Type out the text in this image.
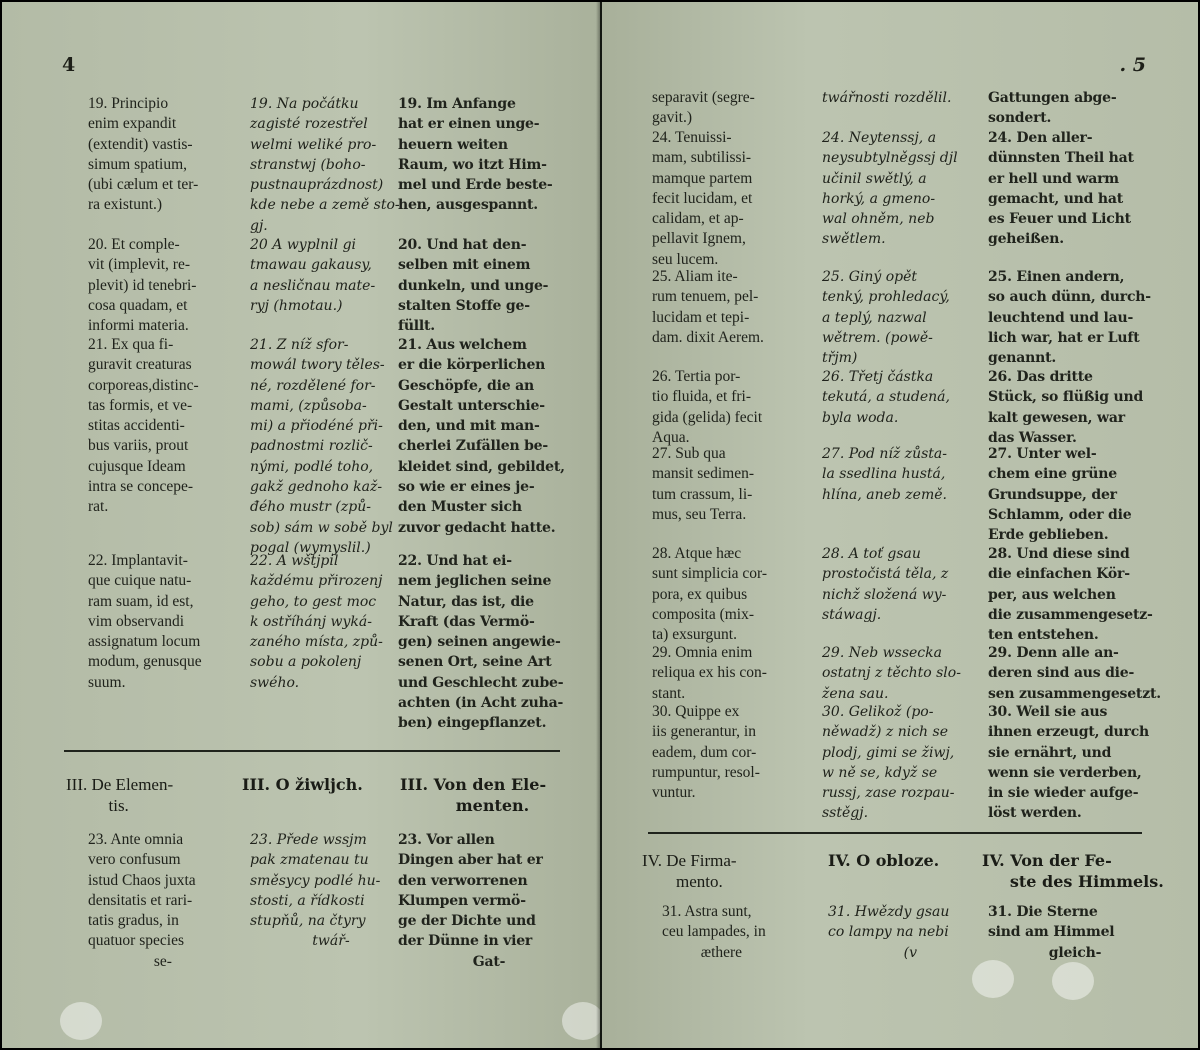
4
19. Principio
enim expandit
(extendit) vastis-
simum spatium,
(ubi cælum et ter-
ra existunt.)
19. Na počátku
zagisté rozestřel
welmi weliké pro-
stranstwj (boho-
pustnauprázdnost)
kde nebe a země sto-
gj.
19. Im Anfange
hat er einen unge-
heuern weiten
Raum, wo itzt Him-
mel und Erde beste-
hen, ausgespannt.
20. Et comple-
vit (implevit, re-
plevit) id tenebri-
cosa quadam, et
informi materia.
20 A wyplnil gi
tmawau gakausy,
a nesličnau mate-
ryj (hmotau.)
20. Und hat den-
selben mit einem
dunkeln, und unge-
stalten Stoffe ge-
füllt.
21. Ex qua fi-
guravit creaturas
corporeas,distinc-
tas formis, et ve-
stitas accidenti-
bus variis, prout
cujusque Ideam
intra se concepe-
rat.
21. Z níž sfor-
mowál twory těles-
né, rozdělené for-
mami, (způsoba-
mi) a přiodéné při-
padnostmi rozlič-
nými, podlé toho,
gakž gednoho kaž-
đého mustr (způ-
sob) sám w sobě byl
pogal (wymyslil.)
21. Aus welchem
er die körperlichen
Geschöpfe, die an
Gestalt unterschie-
den, und mit man-
cherlei Zufällen be-
kleidet sind, gebildet,
so wie er eines je-
den Muster sich
zuvor gedacht hatte.
22. Implantavit-
que cuique natu-
ram suam, id est,
vim observandi
assignatum locum
modum, genusque
suum.
22. A wštjpil
každému přirozenj
geho, to gest moc
k ostříhánj wyká-
zaného místa, způ-
sobu a pokolenj
swého.
22. Und hat ei-
nem jeglichen seine
Natur, das ist, die
Kraft (das Vermö-
gen) seinen angewie-
senen Ort, seine Art
und Geschlecht zube-
achten (in Acht zuha-
ben) eingepflanzet.
III. De Elemen-
tis.
III. O žiwljch. III. Von den Ele-
menten.
23. Ante omnia
vero confusum
istud Chaos juxta
densitatis et rari-
tatis gradus, in
quatuor species
se-
23. Přede wssjm
pak zmatenau tu
směsycy podlé hu-
stosti, a řídkosti
stupňů, na čtyry
twář-
23. Vor allen
Dingen aber hat er
den verworrenen
Klumpen vermö-
ge der Dichte und
der Dünne in vier
Gat-
. 5
separavit (segre-
gavit.)
twářnosti rozdělil.	Gattungen abge-
sondert.
24. Tenuissi-
mam, subtilissi-
mamque partem
fecit lucidam, et
calidam, et ap-
pellavit Ignem,
seu lucem.
24. Neytenssj, a
neysubtylněgssj djl
učinil swětlý, a
horký, a gmeno-
wal ohněm, neb
swětlem.
24. Den aller-
dünnsten Theil hat
er hell und warm
gemacht, und hat
es Feuer und Licht
geheißen.
25. Aliam ite-
rum tenuem, pel-
lucidam et tepi-
dam. dixit Aerem.
25. Giný opět
tenký, prohledacý,
a teplý, nazwal
wětrem. (powě-
třjm)
25. Einen andern,
so auch dünn, durch-
leuchtend und lau-
lich war, hat er Luft
genannt.
26. Tertia por-
tio fluida, et fri-
gida (gelida) fecit
Aqua.
26. Třetj částka
tekutá, a studená,
byla woda.
26. Das dritte
Stück, so flüßig und
kalt gewesen, war
das Wasser.
27. Sub qua
mansit sedimen-
tum crassum, li-
mus, seu Terra.
27. Pod níž zůsta-
la ssedlina hustá,
hlína, aneb země.
27. Unter wel-
chem eine grüne
Grundsuppe, der
Schlamm, oder die
Erde geblieben.
28. Atque hæc
sunt simplicia cor-
pora, ex quibus
composita (mix-
ta) exsurgunt.
28. A toť gsau
prostočistá těla, z
nichž složená wy-
stáwagj.
28. Und diese sind
die einfachen Kör-
per, aus welchen
die zusammengesetz-
ten entstehen.
29. Omnia enim
reliqua ex his con-
stant.
29. Neb wssecka
ostatnj z těchto slo-
žena sau.
29. Denn alle an-
deren sind aus die-
sen zusammengesetzt.
30. Quippe ex
iis generantur, in
eadem, dum cor-
rumpuntur, resol-
vuntur.
30. Gelikož (po-
něwadž) z nich se
plodj, gimi se žiwj,
w ně se, když se
russj, zase rozpau-
sstěgj.
30. Weil sie aus
ihnen erzeugt, durch
sie ernährt, und
wenn sie verderben,
in sie wieder aufge-
löst werden.
IV. De Firma-
mento.
IV. O obloze.	IV. Von der Fe-
ste des Himmels.
31. Astra sunt,
ceu lampades, in
æthere
31. Hwězdy gsau
co lampy na nebi
(v
31. Die Sterne
sind am Himmel
gleich-
